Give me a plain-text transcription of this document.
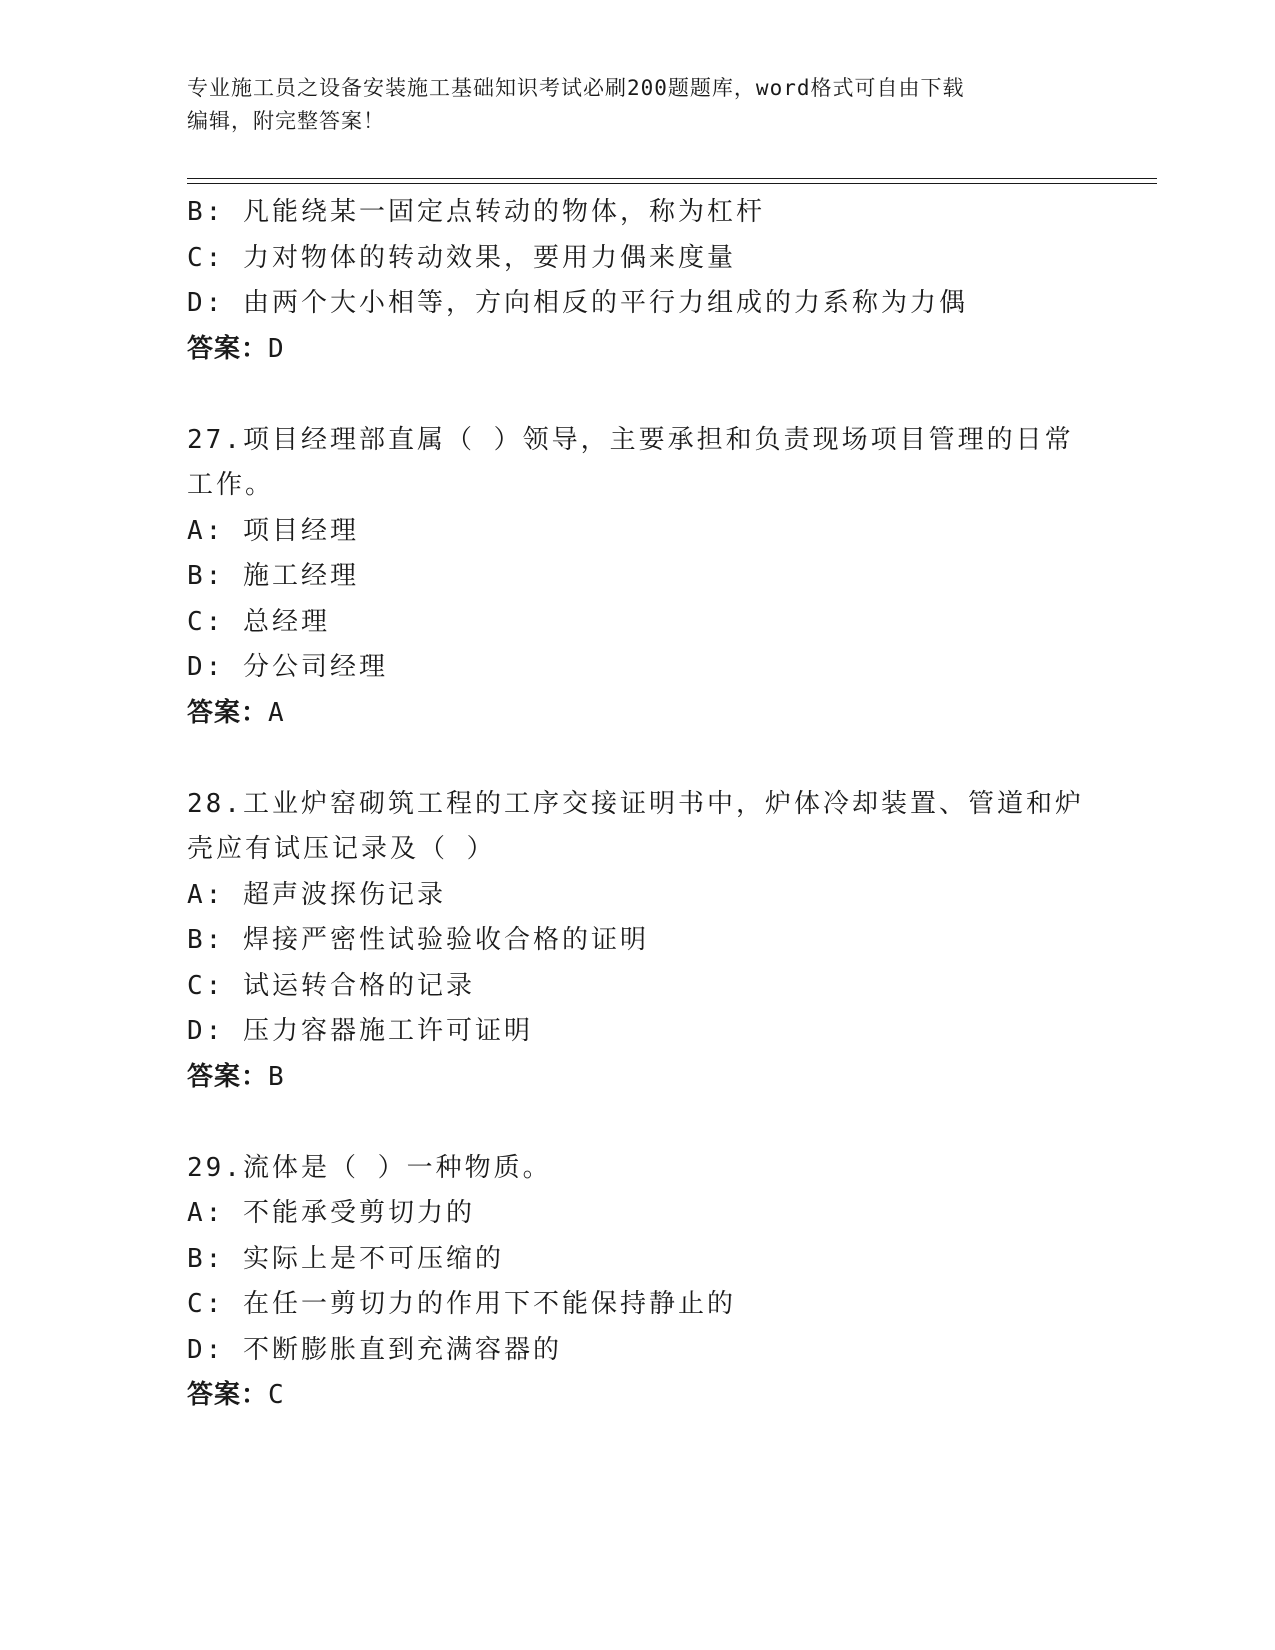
专业施工员之设备安装施工基础知识考试必刷200题题库，word格式可自由下载
编辑，附完整答案！
B: 凡能绕某一固定点转动的物体，称为杠杆
C: 力对物体的转动效果，要用力偶来度量
D: 由两个大小相等，方向相反的平行力组成的力系称为力偶
答案：D
27.项目经理部直属（ ）领导，主要承担和负责现场项目管理的日常
工作。
A: 项目经理
B: 施工经理
C: 总经理
D: 分公司经理
答案：A
28.工业炉窑砌筑工程的工序交接证明书中，炉体冷却装置、管道和炉
壳应有试压记录及（ ）
A: 超声波探伤记录
B: 焊接严密性试验验收合格的证明
C: 试运转合格的记录
D: 压力容器施工许可证明
答案：B
29.流体是（ ）一种物质。
A: 不能承受剪切力的
B: 实际上是不可压缩的
C: 在任一剪切力的作用下不能保持静止的
D: 不断膨胀直到充满容器的
答案：C
